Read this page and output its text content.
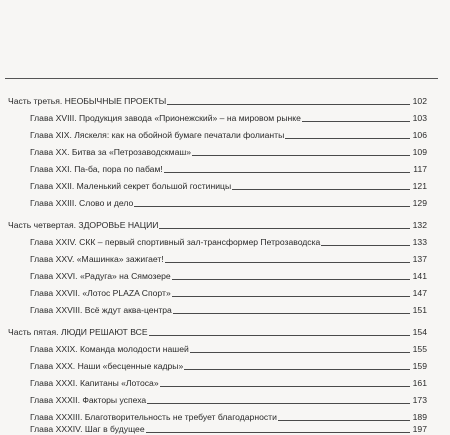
Часть третья. НЕОБЫЧНЫЕ ПРОЕКТЫ	102
Глава XVIII. Продукция завода «Прионежский» – на мировом рынке	103
Глава XIX. Ляскеля: как на обойной бумаге печатали фолианты	106
Глава XX. Битва за «Петрозаводскмаш»	109
Глава XXI. Па-ба, пора по пабам!	117
Глава XXII. Маленький секрет большой гостиницы	121
Глава XXIII. Слово и дело	129
Часть четвертая. ЗДОРОВЬЕ НАЦИИ	132
Глава XXIV. СКК – первый спортивный зал-трансформер Петрозаводска	133
Глава XXV. «Машинка» зажигает!	137
Глава XXVI. «Радуга» на Сямозере	141
Глава XXVII. «Лотос PLAZA Спорт»	147
Глава XXVIII. Всё ждут аква-центра	151
Часть пятая. ЛЮДИ РЕШАЮТ ВСЕ	154
Глава XXIX. Команда молодости нашей	155
Глава XXX. Наши «бесценные кадры»	159
Глава XXXI. Капитаны «Лотоса»	161
Глава XXXII. Факторы успеха	173
Глава XXXIII. Благотворительность не требует благодарности	189
Глава XXXIV. Шаг в будущее	197
